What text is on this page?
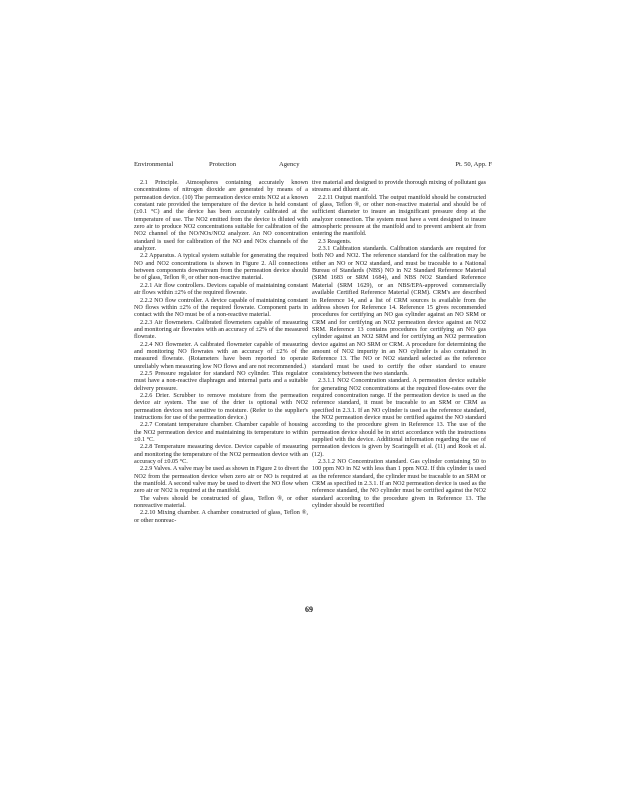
Environmental	Protection	Agency	Pt. 50, App. F

2.1 Principle. Atmospheres containing accurately known concentrations of nitrogen dioxide are generated by means of a permeation device. (10) The permeation device emits NO2 at a known constant rate provided the temperature of the device is held constant (±0.1 °C) and the device has been accurately calibrated at the temperature of use. The NO2 emitted from the device is diluted with zero air to produce NO2 concentrations suitable for calibration of the NO2 channel of the NO/NOx/NO2 analyzer. An NO concentration standard is used for calibration of the NO and NOx channels of the analyzer.

2.2 Apparatus. A typical system suitable for generating the required NO and NO2 concentrations is shown in Figure 2. All connections between components downstream from the permeation device should be of glass, Teflon ®, or other non-reactive material.

2.2.1 Air flow controllers. Devices capable of maintaining constant air flows within ±2% of the required flowrate.

2.2.2 NO flow controller. A device capable of maintaining constant NO flows within ±2% of the required flowrate. Component parts in contact with the NO must be of a non-reactive material.

2.2.3 Air flowmeters. Calibrated flowmeters capable of measuring and monitoring air flowrates with an accuracy of ±2% of the measured flowrate.

2.2.4 NO flowmeter. A calibrated flowmeter capable of measuring and monitoring NO flowrates with an accuracy of ±2% of the measured flowrate. (Rotameters have been reported to operate unreliably when measuring low NO flows and are not recommended.)

2.2.5 Pressure regulator for standard NO cylinder. This regulator must have a non-reactive diaphragm and internal parts and a suitable delivery pressure.

2.2.6 Drier. Scrubber to remove moisture from the permeation device air system. The use of the drier is optional with NO2 permeation devices not sensitive to moisture. (Refer to the supplier's instructions for use of the permeation device.)

2.2.7 Constant temperature chamber. Chamber capable of housing the NO2 permeation device and maintaining its temperature to within ±0.1 °C.

2.2.8 Temperature measuring device. Device capable of measuring and monitoring the temperature of the NO2 permeation device with an accuracy of ±0.05 °C.

2.2.9 Valves. A valve may be used as shown in Figure 2 to divert the NO2 from the permeation device when zero air or NO is required at the manifold. A second valve may be used to divert the NO flow when zero air or NO2 is required at the manifold.

The valves should be constructed of glass, Teflon ®, or other nonreactive material.

2.2.10 Mixing chamber. A chamber constructed of glass, Teflon ®, or other nonreac-

tive material and designed to provide thorough mixing of pollutant gas streams and diluent air.

2.2.11 Output manifold. The output manifold should be constructed of glass, Teflon ®, or other non-reactive material and should be of sufficient diameter to insure an insignificant pressure drop at the analyzer connection. The system must have a vent designed to insure atmospheric pressure at the manifold and to prevent ambient air from entering the manifold.

2.3 Reagents.

2.3.1 Calibration standards. Calibration standards are required for both NO and NO2. The reference standard for the calibration may be either an NO or NO2 standard, and must be traceable to a National Bureau of Standards (NBS) NO in N2 Standard Reference Material (SRM 1683 or SRM 1684), and NBS NO2 Standard Reference Material (SRM 1629), or an NBS/EPA-approved commercially available Certified Reference Material (CRM). CRM's are described in Reference 14, and a list of CRM sources is available from the address shown for Reference 14. Reference 15 gives recommended procedures for certifying an NO gas cylinder against an NO SRM or CRM and for certifying an NO2 permeation device against an NO2 SRM. Reference 13 contains procedures for certifying an NO gas cylinder against an NO2 SRM and for certifying an NO2 permeation device against an NO SRM or CRM. A procedure for determining the amount of NO2 impurity in an NO cylinder is also contained in Reference 13. The NO or NO2 standard selected as the reference standard must be used to certify the other standard to ensure consistency between the two standards.

2.3.1.1 NO2 Concentration standard. A permeation device suitable for generating NO2 concentrations at the required flow-rates over the required concentration range. If the permeation device is used as the reference standard, it must be traceable to an SRM or CRM as specified in 2.3.1. If an NO cylinder is used as the reference standard, the NO2 permeation device must be certified against the NO standard according to the procedure given in Reference 13. The use of the permeation device should be in strict accordance with the instructions supplied with the device. Additional information regarding the use of permeation devices is given by Scaringelli et al. (11) and Rook et al. (12).

2.3.1.2 NO Concentration standard. Gas cylinder containing 50 to 100 ppm NO in N2 with less than 1 ppm NO2. If this cylinder is used as the reference standard, the cylinder must be traceable to an SRM or CRM as specified in 2.3.1. If an NO2 permeation device is used as the reference standard, the NO cylinder must be certified against the NO2 standard according to the procedure given in Reference 13. The cylinder should be recertified

69
